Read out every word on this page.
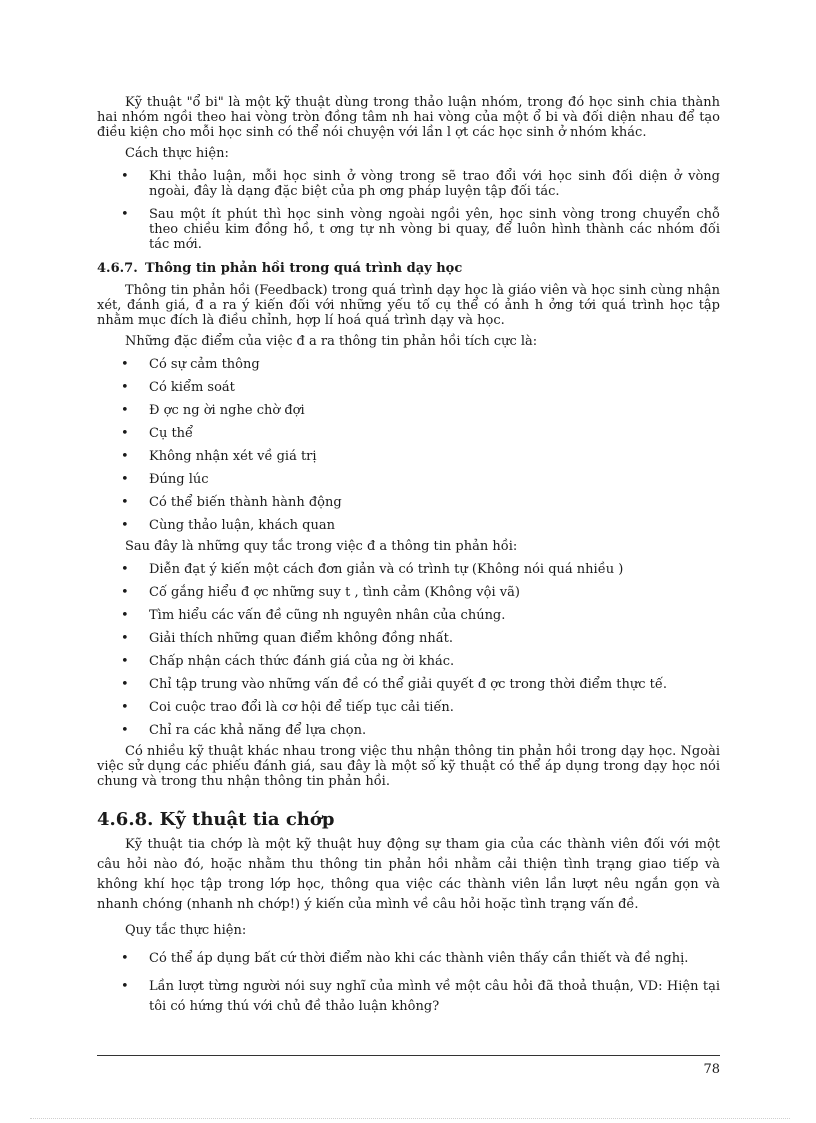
Kỹ thuật "ổ bi" là một kỹ thuật dùng trong thảo luận nhóm, trong đó học sinh chia thành hai nhóm ngồi theo hai vòng tròn đồng tâm nh hai vòng của một ổ bi và đối diện nhau để tạo điều kiện cho mỗi học sinh có thể nói chuyện với lần l ợt các học sinh ở nhóm khác.

Cách thực hiện:

• Khi thảo luận, mỗi học sinh ở vòng trong sẽ trao đổi với học sinh đối diện ở vòng ngoài, đây là dạng đặc biệt của ph ơng pháp luyện tập đối tác.
• Sau một ít phút thì học sinh vòng ngoài ngồi yên, học sinh vòng trong chuyển chỗ theo chiều kim đồng hồ, t ơng tự nh vòng bi quay, để luôn hình thành các nhóm đối tác mới.
4.6.7. Thông tin phản hồi trong quá trình dạy học

Thông tin phản hồi (Feedback) trong quá trình dạy học là giáo viên và học sinh cùng nhận xét, đánh giá, đ a ra ý kiến đối với những yếu tố cụ thể có ảnh h ởng tới quá trình học tập nhằm mục đích là điều chỉnh, hợp lí hoá quá trình dạy và học.

Những đặc điểm của việc đ a ra thông tin phản hồi tích cực là:

• Có sự cảm thông
• Có kiểm soát
• Đ ợc ng ời nghe chờ đợi
• Cụ thể
• Không nhận xét về giá trị
• Đúng lúc
• Có thể biến thành hành động
• Cùng thảo luận, khách quan

Sau đây là những quy tắc trong việc đ a thông tin phản hồi:

• Diễn đạt ý kiến một cách đơn giản và có trình tự (Không nói quá nhiều )
• Cố gắng hiểu đ ợc những suy t , tình cảm (Không vội vã)
• Tìm hiểu các vấn đề cũng nh nguyên nhân của chúng.
• Giải thích những quan điểm không đồng nhất.
• Chấp nhận cách thức đánh giá của ng ời khác.
• Chỉ tập trung vào những vấn đề có thể giải quyết đ ợc trong thời điểm thực tế.
• Coi cuộc trao đổi là cơ hội để tiếp tục cải tiến.
• Chỉ ra các khả năng để lựa chọn.

Có nhiều kỹ thuật khác nhau trong việc thu nhận thông tin phản hồi trong dạy học. Ngoài việc sử dụng các phiếu đánh giá, sau đây là một số kỹ thuật có thể áp dụng trong dạy học nói chung và trong thu nhận thông tin phản hồi.

4.6.8. Kỹ thuật tia chớp

Kỹ thuật tia chớp là một kỹ thuật huy động sự tham gia của các thành viên đối với một câu hỏi nào đó, hoặc nhằm thu thông tin phản hồi nhằm cải thiện tình trạng giao tiếp và không khí học tập trong lớp học, thông qua việc các thành viên lần lượt nêu ngắn gọn và nhanh chóng (nhanh nh chớp!) ý kiến của mình về câu hỏi hoặc tình trạng vấn đề.

Quy tắc thực hiện:

• Có thể áp dụng bất cứ thời điểm nào khi các thành viên thấy cần thiết và đề nghị.
• Lần lượt từng người nói suy nghĩ của mình về một câu hỏi đã thoả thuận, VD: Hiện tại tôi có hứng thú với chủ đề thảo luận không?
78
